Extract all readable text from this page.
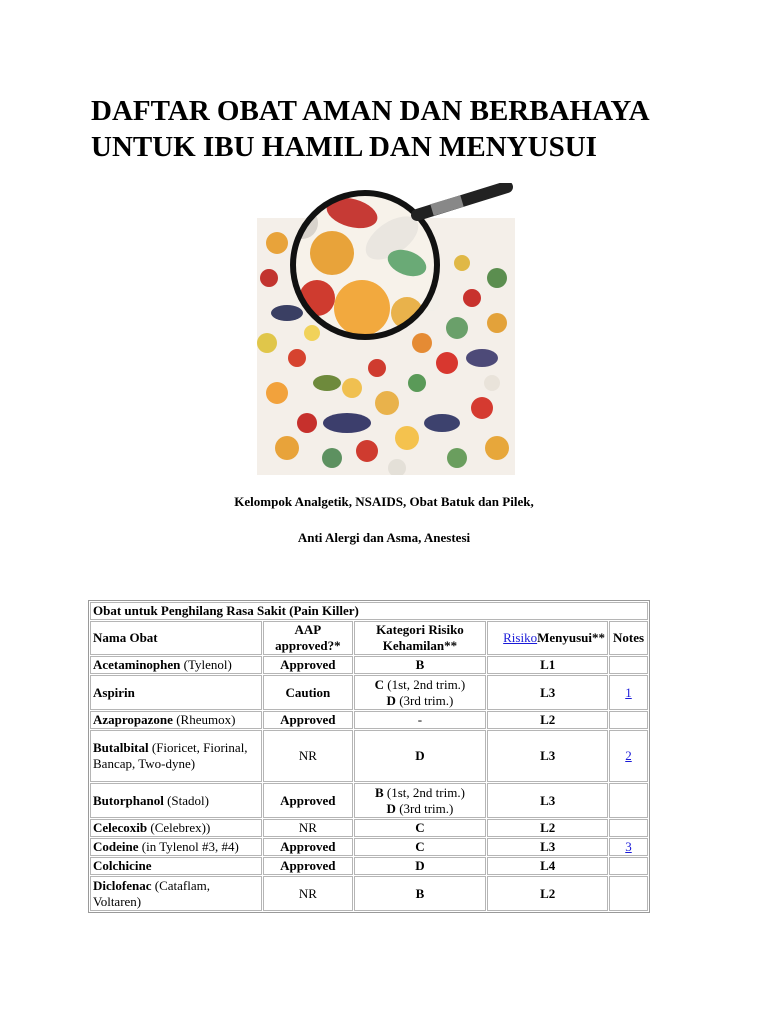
DAFTAR OBAT AMAN DAN BERBAHAYA UNTUK IBU HAMIL DAN MENYUSUI
Kelompok Analgetik, NSAIDS, Obat Batuk dan Pilek,
Anti Alergi dan Asma, Anestesi
Obat untuk Penghilang Rasa Sakit (Pain Killer)				
Nama Obat	AAP approved?*	Kategori Risiko Kehamilan**	RisikoMenyusui**	Notes
Acetaminophen (Tylenol)	Approved	B	L1	
Aspirin	Caution	C (1st, 2nd trim.)
D (3rd trim.)	L3	1
Azapropazone (Rheumox)	Approved	-	L2	
Butalbital (Fioricet, Fiorinal, Bancap, Two-dyne)	NR	D	L3	2
Butorphanol (Stadol)	Approved	B (1st, 2nd trim.)
D (3rd trim.)	L3	
Celecoxib (Celebrex))	NR	C	L2	
Codeine (in Tylenol #3, #4)	Approved	C	L3	3
Colchicine	Approved	D	L4	
Diclofenac (Cataflam, Voltaren)	NR	B	L2	
